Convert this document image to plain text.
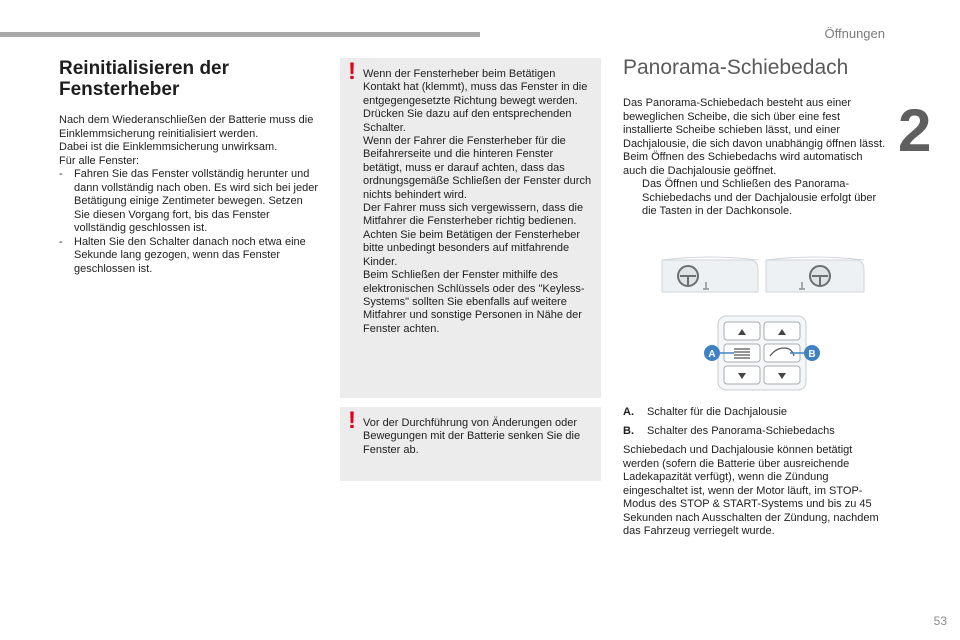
Öffnungen
2
Reinitialisieren der Fensterheber

Nach dem Wiederanschließen der Batterie muss die Einklemmsicherung reinitialisiert werden.

Dabei ist die Einklemmsicherung unwirksam.

Für alle Fenster:

-	Fahren Sie das Fenster vollständig herunter und dann vollständig nach oben. Es wird sich bei jeder Betätigung einige Zentimeter bewegen. Setzen Sie diesen Vorgang fort, bis das Fenster vollständig geschlossen ist.
-	Halten Sie den Schalter danach noch etwa eine Sekunde lang gezogen, wenn das Fenster geschlossen ist.
! Wenn der Fensterheber beim Betätigen Kontakt hat (klemmt), muss das Fenster in die entgegengesetzte Richtung bewegt werden. Drücken Sie dazu auf den entsprechenden Schalter.
Wenn der Fahrer die Fensterheber für die Beifahrerseite und die hinteren Fenster betätigt, muss er darauf achten, dass das ordnungsgemäße Schließen der Fenster durch nichts behindert wird.
Der Fahrer muss sich vergewissern, dass die Mitfahrer die Fensterheber richtig bedienen.
Achten Sie beim Betätigen der Fensterheber bitte unbedingt besonders auf mitfahrende Kinder.
Beim Schließen der Fenster mithilfe des elektronischen Schlüssels oder des "Keyless-Systems" sollten Sie ebenfalls auf weitere Mitfahrer und sonstige Personen in Nähe der Fenster achten.
! Vor der Durchführung von Änderungen oder Bewegungen mit der Batterie senken Sie die Fenster ab.
Panorama-Schiebedach

Das Panorama-Schiebedach besteht aus einer beweglichen Scheibe, die sich über eine fest installierte Scheibe schieben lässt, und einer Dachjalousie, die sich davon unabhängig öffnen lässt. Beim Öffnen des Schiebedachs wird automatisch auch die Dachjalousie geöffnet.

Das Öffnen und Schließen des Panorama-Schiebedachs und der Dachjalousie erfolgt über die Tasten in der Dachkonsole.
A	B
A.	Schalter für die Dachjalousie
B.	Schalter des Panorama-Schiebedachs
Schiebedach und Dachjalousie können betätigt werden (sofern die Batterie über ausreichende Ladekapazität verfügt), wenn die Zündung eingeschaltet ist, wenn der Motor läuft, im STOP-Modus des STOP & START-Systems und bis zu 45 Sekunden nach Ausschalten der Zündung, nachdem das Fahrzeug verriegelt wurde.
53
